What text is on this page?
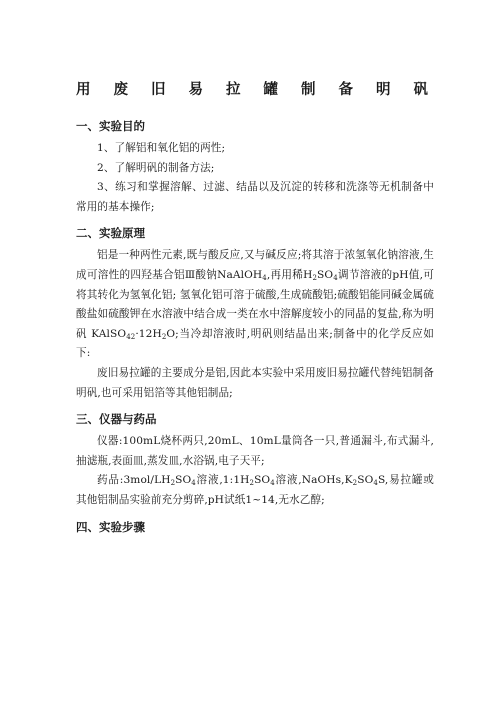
用 废 旧 易 拉 罐 制 备 明 矾
一、实验目的

1、了解铝和氧化铝的两性;

2、了解明矾的制备方法;

3、练习和掌握溶解、过滤、结晶以及沉淀的转移和洗涤等无机制备中常用的基本操作;

二、实验原理

铝是一种两性元素,既与酸反应,又与碱反应;将其溶于浓氢氧化钠溶液,生成可溶性的四羟基合铝Ⅲ酸钠NaAlOH$_4$,再用稀$H_2SO_4$调节溶液的pH值,可将其转化为氢氧化铝; 氢氧化铝可溶于硫酸,生成硫酸铝;硫酸铝能同碱金属硫酸盐如硫酸钾在水溶液中结合成一类在水中溶解度较小的同晶的复盐,称为明矾 $KAlSO_{42}\cdot 12H_2O$;当冷却溶液时,明矾则结晶出来;制备中的化学反应如下:

废旧易拉罐的主要成分是铝,因此本实验中采用废旧易拉罐代替纯铝制备明矾,也可采用铝箔等其他铝制品;

三、仪器与药品

仪器:100mL烧杯两只,20mL、10mL量筒各一只,普通漏斗,布式漏斗,抽滤瓶,表面皿,蒸发皿,水浴锅,电子天平;

药品$:3mol/LH_2SO_4$溶液$,1:1H_2SO_4$溶液$,NaOHs,K_2SO_4S$,易拉罐或其他铝制品实验前充分剪碎,pH试纸1~14,无水乙醇;

四、实验步骤
